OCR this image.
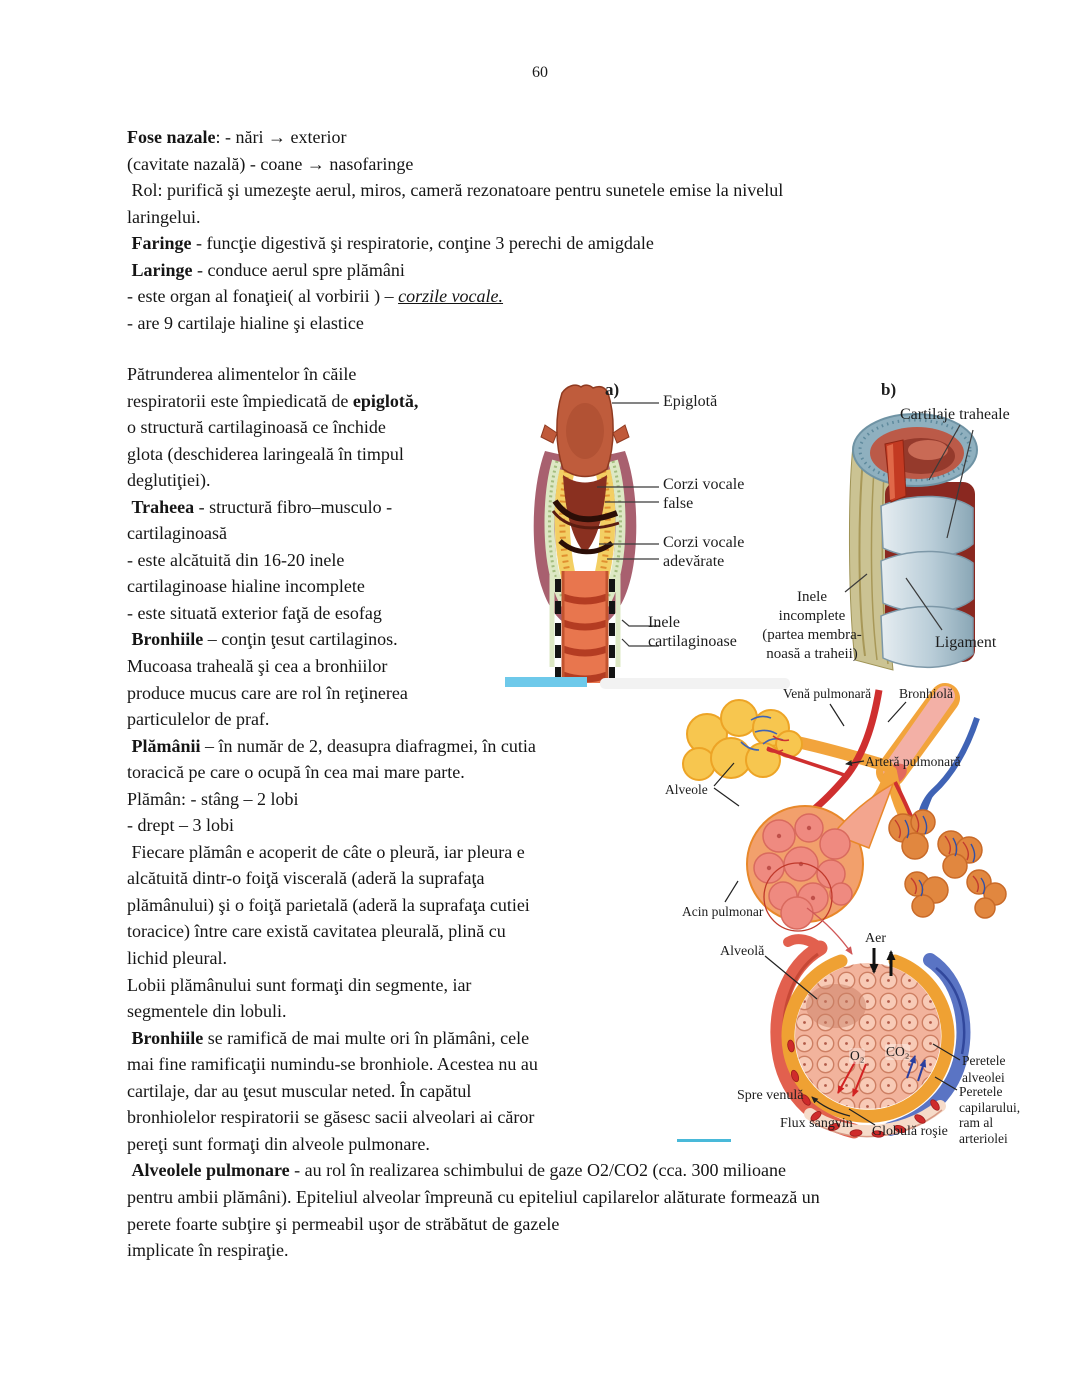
60
Fose nazale: - nări → exterior
(cavitate nazală) - coane → nasofaringe
Rol: purifică şi umezeşte aerul, miros, cameră rezonatoare pentru sunetele emise la nivelul
laringelui.
Faringe - funcţie digestivă şi respiratorie, conţine 3 perechi de amigdale
Laringe - conduce aerul spre plămâni
- este organ al fonaţiei( al vorbirii ) – corzile vocale.
- are 9 cartilaje hialine şi elastice
Pătrunderea alimentelor în căile
respiratorii este împiedicată de epiglotă,
o structură cartilaginoasă ce închide
glota (deschiderea laringeală în timpul
deglutiţiei).
Traheea - structură fibro–musculo -
cartilaginoasă
- este alcătuită din 16-20 inele
cartilaginoase hialine incomplete
- este situată exterior faţă de esofag
Bronhiile – conţin ţesut cartilaginos.
Mucoasa traheală şi cea a bronhiilor
produce mucus care are rol în reţinerea
particulelor de praf.
Plămânii – în număr de 2, deasupra diafragmei, în cutia
toracică pe care o ocupă în cea mai mare parte.
Plămân: - stâng – 2 lobi
- drept – 3 lobi
Fiecare plămân e acoperit de câte o pleură, iar pleura e
alcătuită dintr-o foiţă viscerală (aderă la suprafaţa
plămânului) şi o foiţă parietală (aderă la suprafaţa cutiei
toracice) între care există cavitatea pleurală, plină cu
lichid pleural.
Lobii plămânului sunt formaţi din segmente, iar
segmentele din lobuli.
Bronhiile se ramifică de mai multe ori în plămâni, cele
mai fine ramificaţii numindu-se bronhiole. Acestea nu au
cartilaje, dar au ţesut muscular neted. În capătul
bronhiolelor respiratorii se găsesc sacii alveolari ai căror
pereţi sunt formaţi din alveole pulmonare.
Alveolele pulmonare - au rol în realizarea schimbului de gaze O2/CO2 (cca. 300 milioane
pentru ambii plămâni). Epiteliul alveolar împreună cu epiteliul capilarelor alăturate formează un
perete foarte subţire şi permeabil uşor de străbătut de gazele
implicate în respiraţie.
a)	b)
Epiglotă
Corzi vocale
false
Corzi vocale
adevărate
Inele
cartilaginoase
Cartilaje traheale
Inele
incomplete
(partea membra-
noasă a traheii)
Ligament
Venă pulmonară Bronhiolă
Arteră pulmonară
Alveole
Acin pulmonar
Aer
Alveolă
O₂ CO₂
Peretele
alveolei
Peretele
capilarului,
ram al
arteriolei
Spre venulă
Flux sangvin
Globulă roşie
